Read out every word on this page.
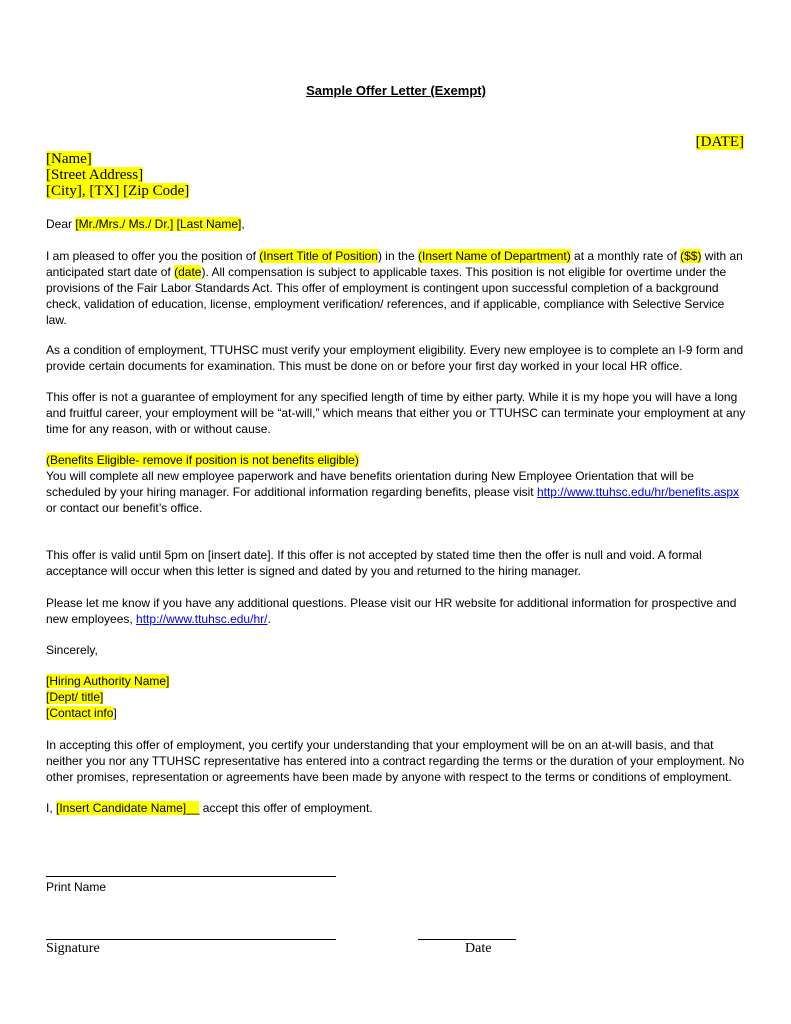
Sample Offer Letter (Exempt)
[DATE]
[Name]
[Street Address]
[City], [TX] [Zip Code]

Dear [Mr./Mrs./ Ms./ Dr.] [Last Name],

I am pleased to offer you the position of (Insert Title of Position) in the (Insert Name of Department) at a monthly rate of ($$) with an anticipated start date of (date). All compensation is subject to applicable taxes. This position is not eligible for overtime under the provisions of the Fair Labor Standards Act. This offer of employment is contingent upon successful completion of a background check, validation of education, license, employment verification/ references, and if applicable, compliance with Selective Service law.

As a condition of employment, TTUHSC must verify your employment eligibility. Every new employee is to complete an I-9 form and provide certain documents for examination. This must be done on or before your first day worked in your local HR office.

This offer is not a guarantee of employment for any specified length of time by either party. While it is my hope you will have a long and fruitful career, your employment will be “at-will,” which means that either you or TTUHSC can terminate your employment at any time for any reason, with or without cause.

(Benefits Eligible- remove if position is not benefits eligible)
You will complete all new employee paperwork and have benefits orientation during New Employee Orientation that will be scheduled by your hiring manager. For additional information regarding benefits, please visit http://www.ttuhsc.edu/hr/benefits.aspx or contact our benefit’s office.

This offer is valid until 5pm on [insert date]. If this offer is not accepted by stated time then the offer is null and void. A formal acceptance will occur when this letter is signed and dated by you and returned to the hiring manager.

Please let me know if you have any additional questions. Please visit our HR website for additional information for prospective and new employees, http://www.ttuhsc.edu/hr/.

Sincerely,

[Hiring Authority Name]
[Dept/ title]
[Contact info]

In accepting this offer of employment, you certify your understanding that your employment will be on an at-will basis, and that neither you nor any TTUHSC representative has entered into a contract regarding the terms or the duration of your employment. No other promises, representation or agreements have been made by anyone with respect to the terms or conditions of employment.

I, [Insert Candidate Name]__ accept this offer of employment.

Print Name
Signature	Date
